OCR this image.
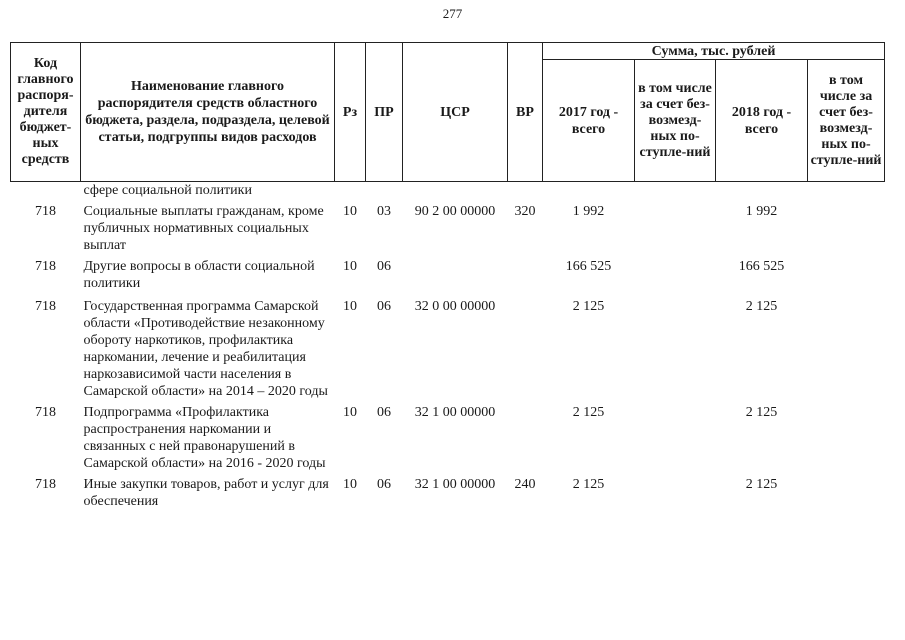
277
Код главного распоря-дителя бюджет-ных средств	Наименование главного распорядителя средств областного бюджета, раздела, подраздела, целевой статьи, подгруппы видов расходов	Рз	ПР	ЦСР	ВР	Сумма, тыс. рублей			
						2017 год - всего	в том числе за счет без-возмезд-ных по-ступле-ний	2018 год - всего	в том числе за счет без-возмезд-ных по-ступле-ний
	сфере социальной политики								
718	Социальные выплаты гражданам, кроме публичных нормативных социальных выплат	10	03	90 2 00 00000	320	1 992		1 992	
718	Другие вопросы в области социальной политики	10	06			166 525		166 525	
718	Государственная программа Самарской области «Противодействие незаконному обороту наркотиков, профилактика наркомании, лечение и реабилитация наркозависимой части населения в Самарской области» на 2014 – 2020 годы	10	06	32 0 00 00000		2 125		2 125	
718	Подпрограмма «Профилактика распространения наркомании и связанных с ней правонарушений в Самарской области» на 2016 - 2020 годы	10	06	32 1 00 00000		2 125		2 125	
718	Иные закупки товаров, работ и услуг для обеспечения	10	06	32 1 00 00000	240	2 125		2 125	
